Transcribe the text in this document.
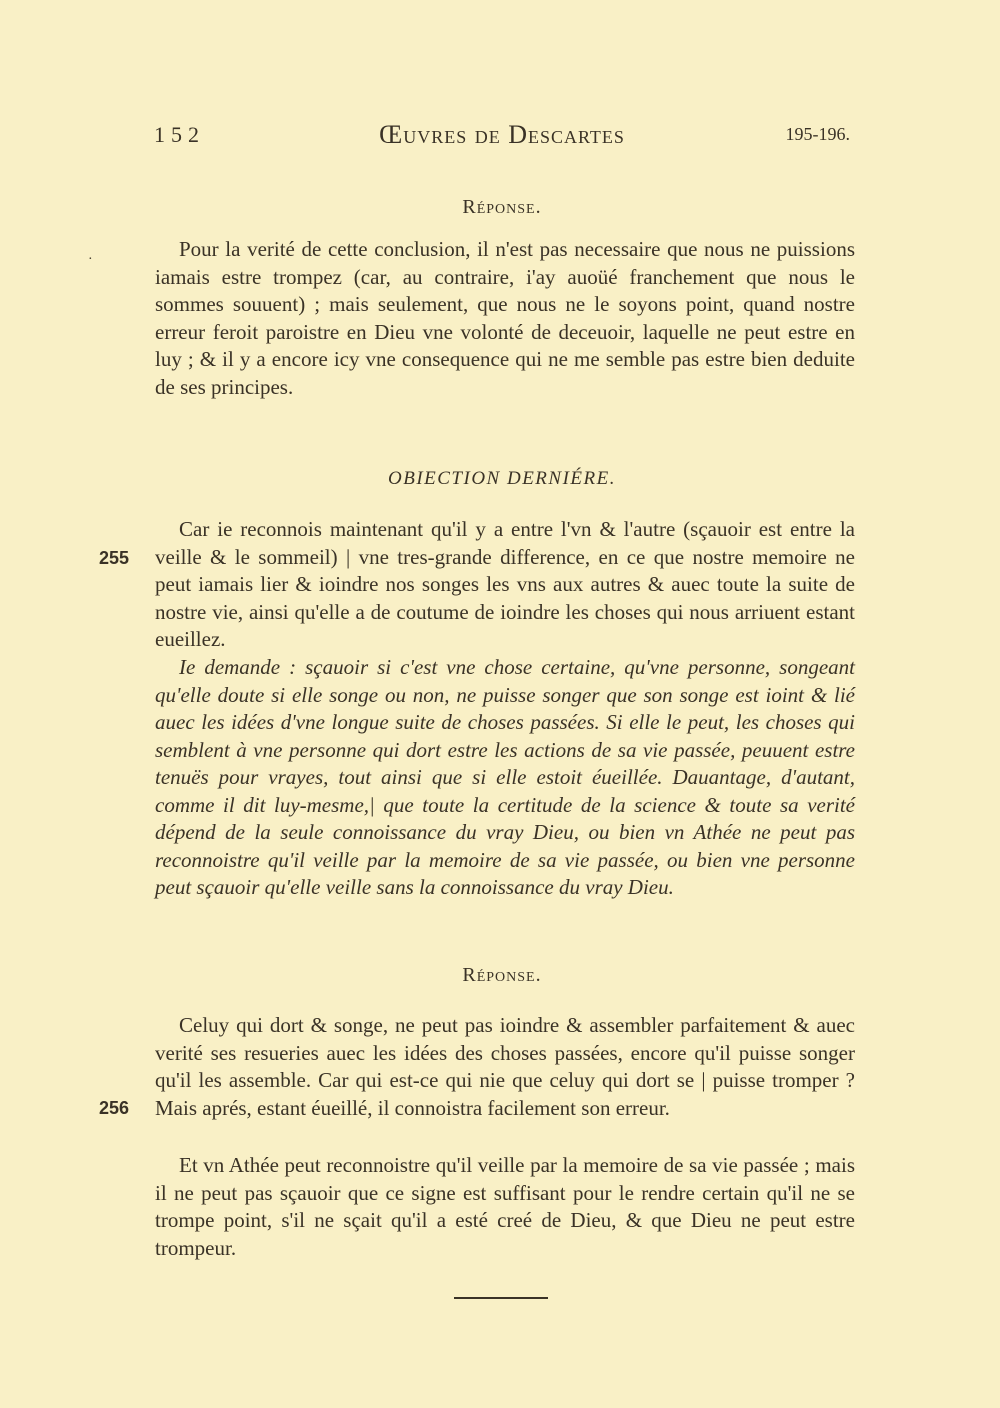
152	Œuvres de Descartes	195-196.
Réponse.
·	Pour la verité de cette conclusion, il n'est pas necessaire que nous ne puissions iamais estre trompez (car, au contraire, i'ay auoüé franchement que nous le sommes souuent) ; mais seulement, que nous ne le soyons point, quand nostre erreur feroit paroistre en Dieu vne volonté de deceuoir, laquelle ne peut estre en luy ; & il y a encore icy vne consequence qui ne me semble pas estre bien deduite de ses principes.

OBIECTION DERNIÉRE.

Car ie reconnois maintenant qu'il y a entre l'vn & l'autre (sçauoir est entre la veille & le sommeil) | vne tres-grande difference, en ce que nostre memoire ne peut iamais lier & ioindre nos songes les vns aux autres & auec toute la suite de nostre vie, ainsi qu'elle a de coutume de ioindre les choses qui nous arriuent estant eueillez.

255

Ie demande : sçauoir si c'est vne chose certaine, qu'vne personne, songeant qu'elle doute si elle songe ou non, ne puisse songer que son songe est ioint & lié auec les idées d'vne longue suite de choses passées. Si elle le peut, les choses qui semblent à vne personne qui dort estre les actions de sa vie passée, peuuent estre tenuës pour vrayes, tout ainsi que si elle estoit éueillée. Dauantage, d'autant, comme il dit luy-mesme,| que toute la certitude de la science & toute sa verité dépend de la seule connoissance du vray Dieu, ou bien vn Athée ne peut pas reconnoistre qu'il veille par la memoire de sa vie passée, ou bien vne personne peut sçauoir qu'elle veille sans la connoissance du vray Dieu.

Réponse.

Celuy qui dort & songe, ne peut pas ioindre & assembler parfaitement & auec verité ses resueries auec les idées des choses passées, encore qu'il puisse songer qu'il les assemble. Car qui est-ce qui nie que celuy qui dort se | puisse tromper ? Mais aprés, estant éueillé, il connoistra facilement son erreur.

256

Et vn Athée peut reconnoistre qu'il veille par la memoire de sa vie passée ; mais il ne peut pas sçauoir que ce signe est suffisant pour le rendre certain qu'il ne se trompe point, s'il ne sçait qu'il a esté creé de Dieu, & que Dieu ne peut estre trompeur.
